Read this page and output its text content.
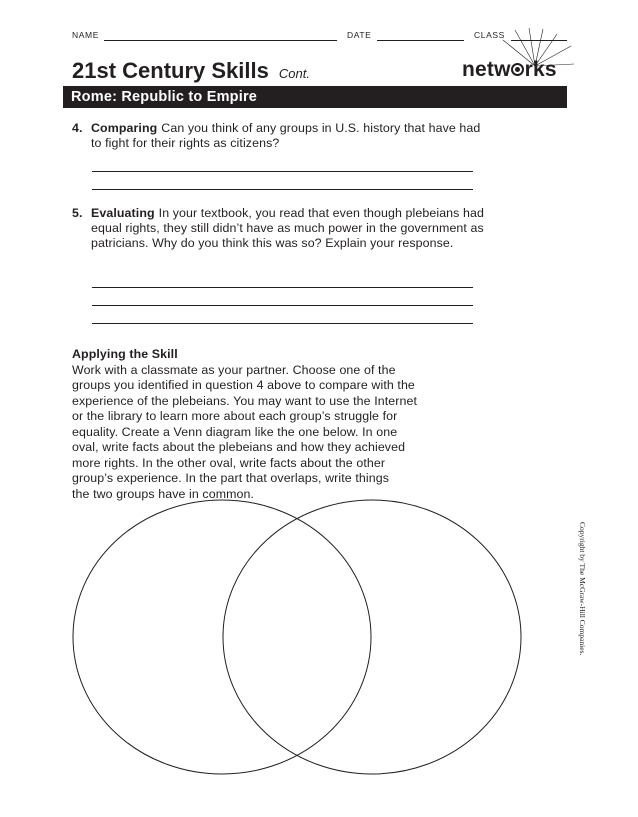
NAME	DATE	CLASS
21st Century Skills Cont.	netw rks
Rome: Republic to Empire
4. Comparing Can you think of any groups in U.S. history that have had to fight for their rights as citizens?
5. Evaluating In your textbook, you read that even though plebeians had equal rights, they still didn’t have as much power in the government as patricians. Why do you think this was so? Explain your response.
Applying the Skill
Work with a classmate as your partner. Choose one of the
groups you identified in question 4 above to compare with the
experience of the plebeians. You may want to use the Internet
or the library to learn more about each group’s struggle for
equality. Create a Venn diagram like the one below. In one
oval, write facts about the plebeians and how they achieved
more rights. In the other oval, write facts about the other
group’s experience. In the part that overlaps, write things
the two groups have in common.
Copyright by The McGraw-Hill Companies.
